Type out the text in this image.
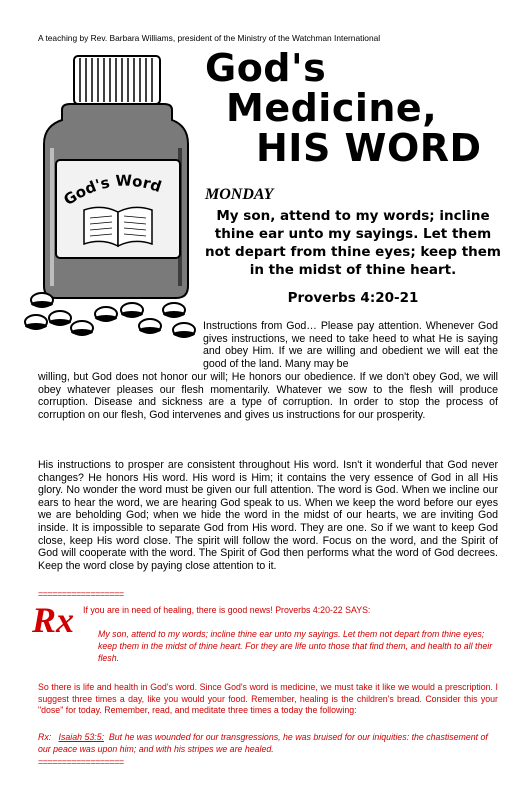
A teaching by Rev. Barbara Williams, president of the Ministry of the Watchman International
God's
Medicine,
HIS WORD
God's Word	MONDAY
My son, attend to my words; incline thine ear unto my sayings. Let them not depart from thine eyes; keep them in the midst of thine heart.
Proverbs 4:20-21

Instructions from God… Please pay attention. Whenever God gives instructions, we need to take heed to what He is saying and obey Him. If we are willing and obedient we will eat the good of the land. Many may be

willing, but God does not honor our will; He honors our obedience. If we don't obey God, we will obey whatever pleases our flesh momentarily. Whatever we sow to the flesh will produce corruption. Disease and sickness are a type of corruption. In order to stop the process of corruption on our flesh, God intervenes and gives us instructions for our prosperity.

His instructions to prosper are consistent throughout His word. Isn't it wonderful that God never changes? He honors His word. His word is Him; it contains the very essence of God in all His glory. No wonder the word must be given our full attention. The word is God. When we incline our ears to hear the word, we are hearing God speak to us. When we keep the word before our eyes we are beholding God; when we hide the word in the midst of our hearts, we are inviting God inside. It is impossible to separate God from His word. They are one. So if we want to keep God close, keep His word close. The spirit will follow the word. Focus on the word, and the Spirit of God will cooperate with the word. The Spirit of God then performs what the word of God decrees. Keep the word close by paying close attention to it.

==================
Rx If you are in need of healing, there is good news! Proverbs 4:20-22 SAYS:
My son, attend to my words; incline thine ear unto my sayings. Let them not depart from thine eyes; keep them in the midst of thine heart. For they are life unto those that find them, and health to all their flesh.
So there is life and health in God's word. Since God's word is medicine, we must take it like we would a prescription. I suggest three times a day, like you would your food. Remember, healing is the children's bread. Consider this your "dose" for today. Remember, read, and meditate three times a today the following:
Rx: Isaiah 53:5: But he was wounded for our transgressions, he was bruised for our iniquities: the chastisement of our peace was upon him; and with his stripes we are healed.
==================
